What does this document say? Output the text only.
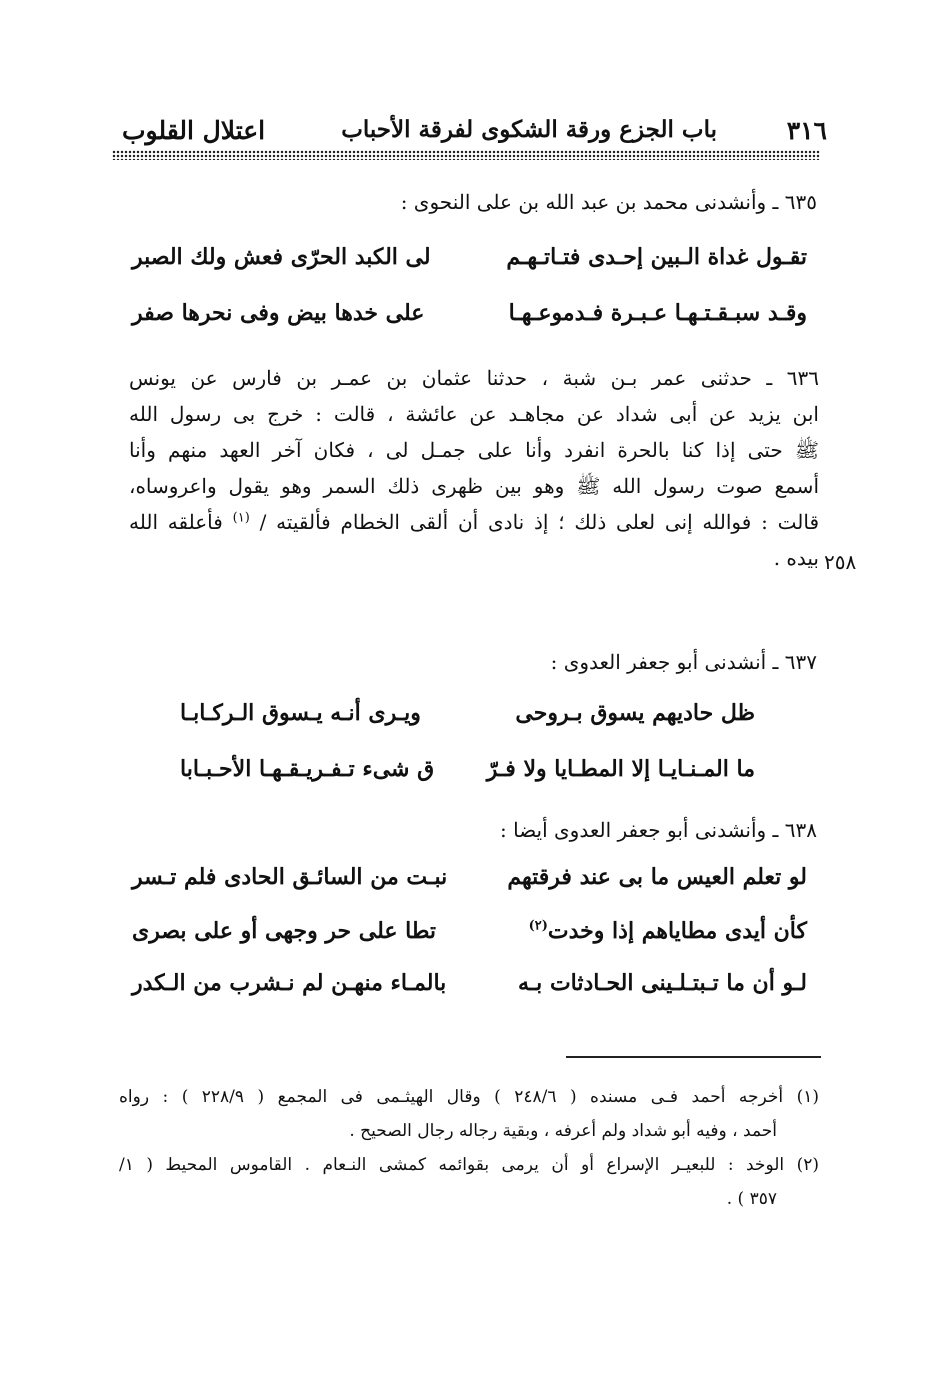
٣١٦
باب الجزع ورقة الشكوى لفرقة الأحباب
اعتلال القلوب
٦٣٥ ـ وأنشدنى محمد بن عبد الله بن على النحوى :
تقـول غداة الـبين إحـدى فتـاتـهـم
لى الكبد الحرّى فعش ولك الصبر
وقـد سبـقـتـهـا عـبـرة فـدموعـهـا
على خدها بيض وفى نحرها صفر
٦٣٦ ـ حدثنى عمر بـن شبة ، حدثنا عثمان بن عمـر بن فارس عن يونس
ابن يزيد عن أبى شداد عن مجاهـد عن عائشة ، قالت : خرج بى رسول الله
ﷺ حتى إذا كنا بالحرة انفرد وأنا على جمـل لى ، فكان آخر العهد منهم وأنا
أسمع صوت رسول الله ﷺ وهو بين ظهرى ذلك السمر وهو يقول واعروساه،
قالت : فوالله إنى لعلى ذلك ؛ إذ نادى أن ألقى الخطام فألقيته / $^{(١)}$ فأعلقه الله
بيده . ٢٥٨
٦٣٧ ـ أنشدنى أبو جعفر العدوى :
ظل حاديهم يسوق بـروحى
ويـرى أنـه يـسوق الـركـابـا
ما المـنـايـا إلا المطـايا ولا فـرّ
ق شىء تـفـريـقـهـا الأحـبـابا
٦٣٨ ـ وأنشدنى أبو جعفر العدوى أيضا :
لو تعلم العيس ما بى عند فرقتهم
نبـت من السائـق الحادى فلم تـسر
كأن أيدى مطاياهم إذا وخدت$^{(٢)}$
تطا على حر وجهى أو على بصرى
لـو أن ما تـبتـلـينى الحـادثات بـه
بالمـاء منهـن لم نـشرب من الـكدر
(١) أخرجه أحمد فـى مسنده ( ٢٤٨/٦ ) وقال الهيثـمى فى المجمع ( ٢٢٨/٩ ) : رواه
أحمد ، وفيه أبو شداد ولم أعرفه ، وبقية رجاله رجال الصحيح .
(٢) الوخد : للبعيـر الإسراع أو أن يرمى بقوائمه كمشى النـعام . القاموس المحيط ( ١/
٣٥٧ ) .
